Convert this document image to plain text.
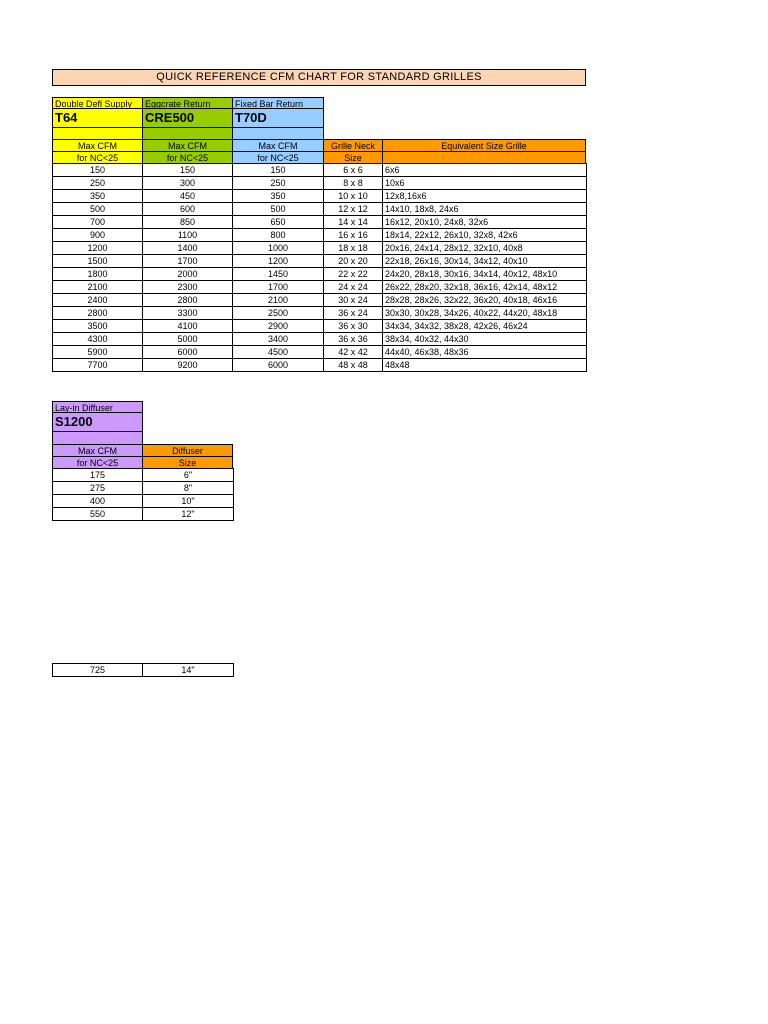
QUICK REFERENCE CFM CHART FOR STANDARD GRILLES
Double Defl Supply
T64
Eggcrate Return
CRE500
Fixed Bar Return
T70D
Max CFM	Max CFM	Max CFM	Grille Neck	Equivalent Size Grille
for NC<25	for NC<25	for NC<25	Size
150	150	150	6 x 6	6x6
250	300	250	8 x 8	10x6
350	450	350	10 x 10	12x8,16x6
500	600	500	12 x 12	14x10, 18x8, 24x6
700	850	650	14 x 14	16x12, 20x10, 24x8, 32x6
900	1100	800	16 x 16	18x14, 22x12, 26x10, 32x8, 42x6
1200	1400	1000	18 x 18	20x16, 24x14, 28x12, 32x10, 40x8
1500	1700	1200	20 x 20	22x18, 26x16, 30x14, 34x12, 40x10
1800	2000	1450	22 x 22	24x20, 28x18, 30x16, 34x14, 40x12, 48x10
2100	2300	1700	24 x 24	26x22, 28x20, 32x18, 36x16, 42x14, 48x12
2400	2800	2100	30 x 24	28x28, 28x26, 32x22, 36x20, 40x18, 46x16
2800	3300	2500	36 x 24	30x30, 30x28, 34x26, 40x22, 44x20, 48x18
3500	4100	2900	36 x 30	34x34, 34x32, 38x28, 42x26, 46x24
4300	5000	3400	36 x 36	38x34, 40x32, 44x30
5900	6000	4500	42 x 42	44x40, 46x38, 48x36
7700	9200	6000	48 x 48	48x48
Lay-in Diffuser
S1200
Max CFM	Diffuser
for NC<25	Size
175	6"
275	8"
400	10"
550	12"
725	14"
